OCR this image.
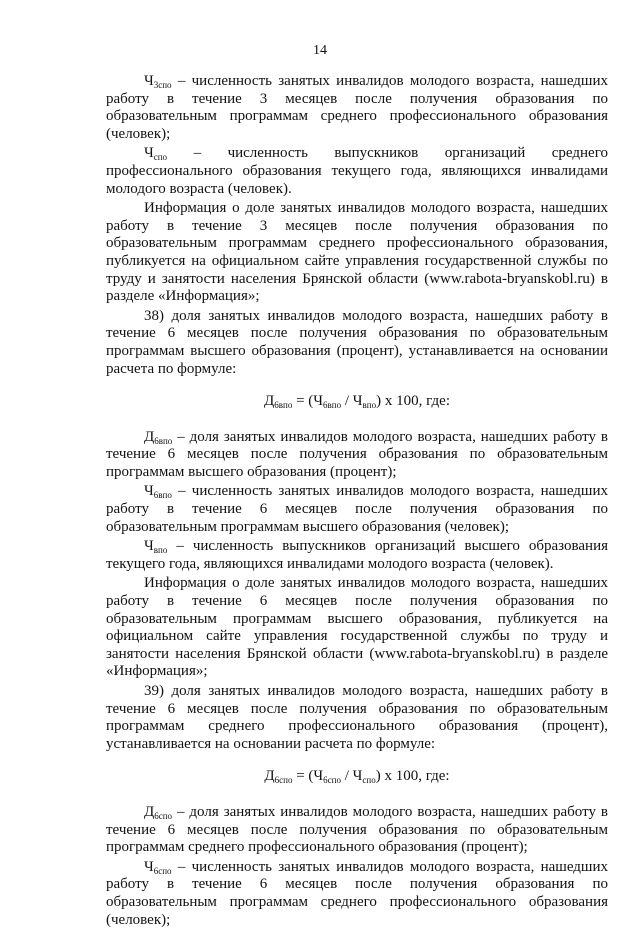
14

$Ч_{3спо}$ – численность занятых инвалидов молодого возраста, нашедших работу в течение 3 месяцев после получения образования по образовательным программам среднего профессионального образования (человек);

$Ч_{спо}$ – численность выпускников организаций среднего профессионального образования текущего года, являющихся инвалидами молодого возраста (человек).

Информация о доле занятых инвалидов молодого возраста, нашедших работу в течение 3 месяцев после получения образования по образовательным программам среднего профессионального образования, публикуется на официальном сайте управления государственной службы по труду и занятости населения Брянской области (www.rabota-bryanskobl.ru) в разделе «Информация»;

38) доля занятых инвалидов молодого возраста, нашедших работу в течение 6 месяцев после получения образования по образовательным программам высшего образования (процент), устанавливается на основании расчета по формуле:

$Д_{6впо} = (Ч_{6впо} / Ч_{впо})$ x 100, где:

$Д_{6впо}$ – доля занятых инвалидов молодого возраста, нашедших работу в течение 6 месяцев после получения образования по образовательным программам высшего образования (процент);

$Ч_{6впо}$ – численность занятых инвалидов молодого возраста, нашедших работу в течение 6 месяцев после получения образования по образовательным программам высшего образования (человек);

$Ч_{впо}$ – численность выпускников организаций высшего образования текущего года, являющихся инвалидами молодого возраста (человек).

Информация о доле занятых инвалидов молодого возраста, нашедших работу в течение 6 месяцев после получения образования по образовательным программам высшего образования, публикуется на официальном сайте управления государственной службы по труду и занятости населения Брянской области (www.rabota-bryanskobl.ru) в разделе «Информация»;

39) доля занятых инвалидов молодого возраста, нашедших работу в течение 6 месяцев после получения образования по образовательным программам среднего профессионального образования (процент), устанавливается на основании расчета по формуле:

$Д_{6спо} = (Ч_{6спо} / Ч_{спо})$ x 100, где:

$Д_{6спо}$ – доля занятых инвалидов молодого возраста, нашедших работу в течение 6 месяцев после получения образования по образовательным программам среднего профессионального образования (процент);

$Ч_{6спо}$ – численность занятых инвалидов молодого возраста, нашедших работу в течение 6 месяцев после получения образования по образовательным программам среднего профессионального образования (человек);
